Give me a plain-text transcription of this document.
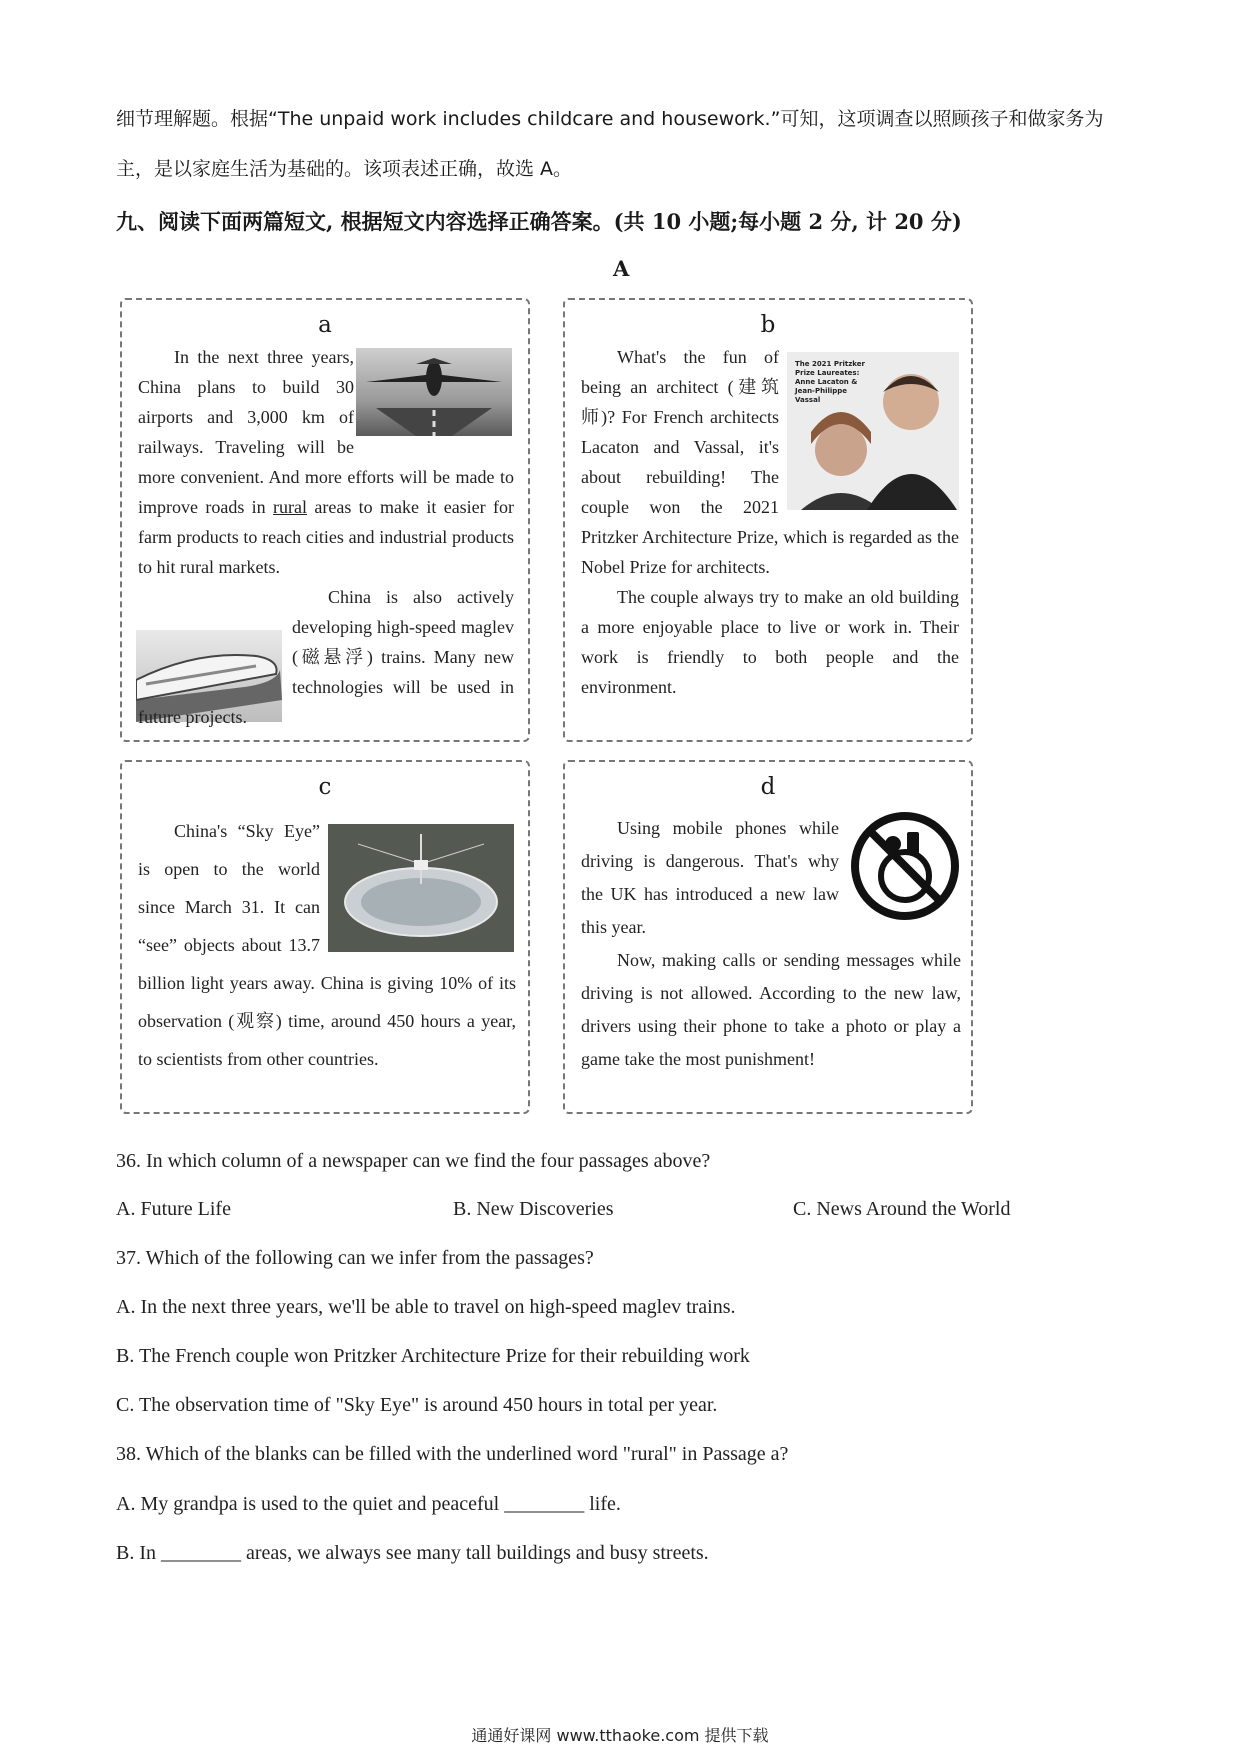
细节理解题。根据“The unpaid work includes childcare and housework.”可知，这项调查以照顾孩子和做家务为
主，是以家庭生活为基础的。该项表述正确，故选 A。
九、阅读下面两篇短文, 根据短文内容选择正确答案。(共 10 小题;每小题 2 分, 计 20 分)
A
a

In the next three years, China plans to build 30 airports and 3,000 km of railways. Traveling will be more convenient. And more efforts will be made to improve roads in rural areas to make it easier for farm products to reach cities and industrial products to hit rural markets.

China is also actively developing high-speed maglev (磁悬浮) trains. Many new technologies will be used in future projects.

b
The 2021 Pritzker Prize Laureates: Anne Lacaton & Jean-Philippe Vassal

What's the fun of being an architect (建筑师)? For French architects Lacaton and Vassal, it's about rebuilding! The couple won the 2021 Pritzker Architecture Prize, which is regarded as the Nobel Prize for architects.

The couple always try to make an old building a more enjoyable place to live or work in. Their work is friendly to both people and the environment.

c

China's “Sky Eye” is open to the world since March 31. It can “see” objects about 13.7 billion light years away. China is giving 10% of its observation (观察) time, around 450 hours a year, to scientists from other countries.

d

Using mobile phones while driving is dangerous. That's why the UK has introduced a new law this year.

Now, making calls or sending messages while driving is not allowed. According to the new law, drivers using their phone to take a photo or play a game take the most punishment!

36. In which column of a newspaper can we find the four passages above?
A. Future Life	B. New Discoveries	C. News Around the World
37. Which of the following can we infer from the passages?
A. In the next three years, we'll be able to travel on high-speed maglev trains.
B. The French couple won Pritzker Architecture Prize for their rebuilding work
C. The observation time of "Sky Eye" is around 450 hours in total per year.
38. Which of the blanks can be filled with the underlined word "rural" in Passage a?
A. My grandpa is used to the quiet and peaceful ________ life.
B. In ________ areas, we always see many tall buildings and busy streets.
通通好课网 www.tthaoke.com 提供下载
